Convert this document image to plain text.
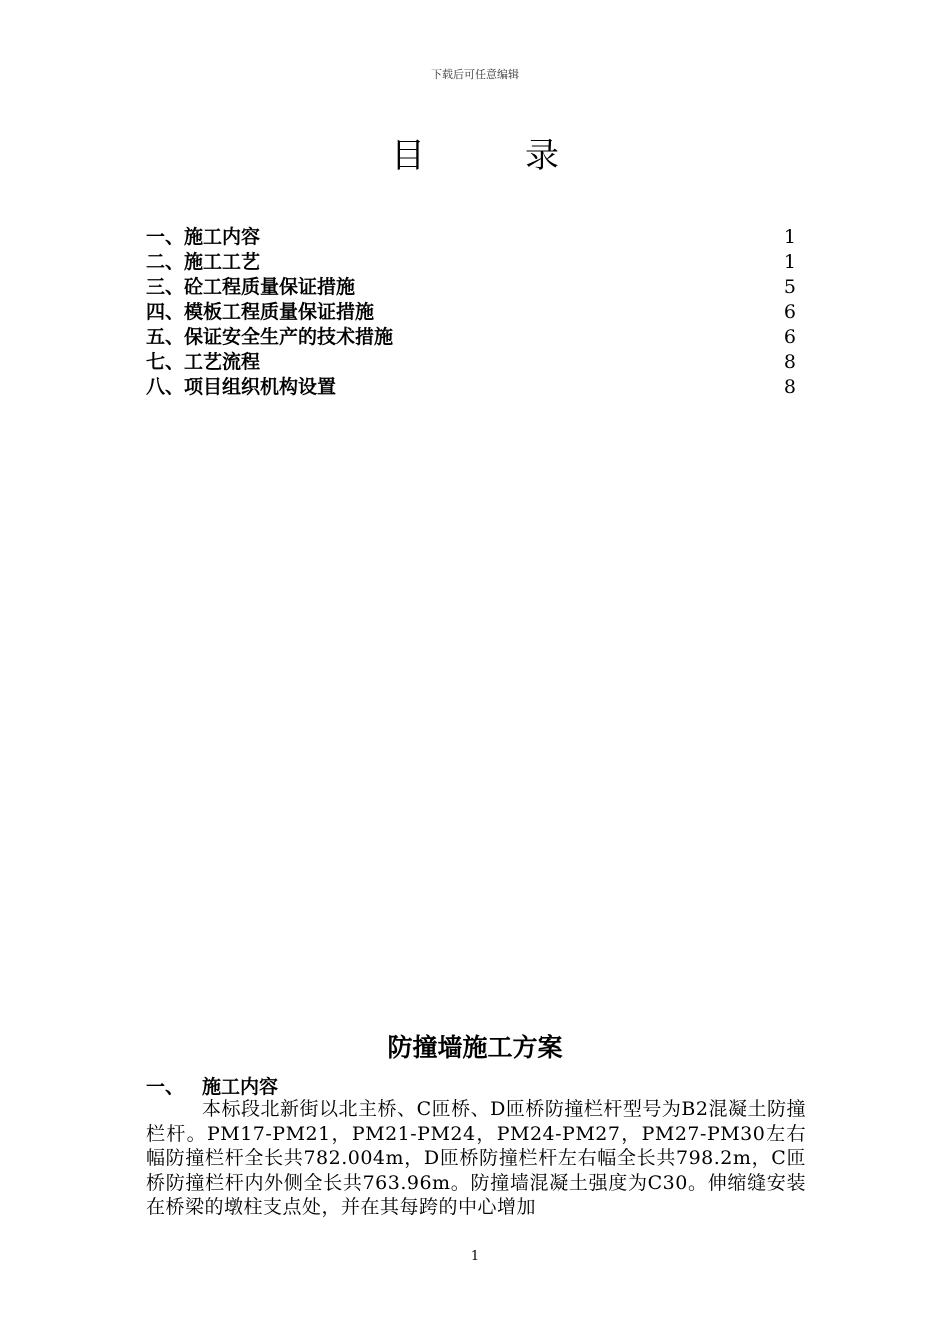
下载后可任意编辑
目	录
一、施工内容	1
二、施工工艺	1
三、砼工程质量保证措施	5
四、模板工程质量保证措施	6
五、保证安全生产的技术措施	6
七、工艺流程	8
八、项目组织机构设置	8
防撞墙施工方案
一、 施工内容

本标段北新街以北主桥、C匝桥、D匝桥防撞栏杆型号为B2混凝土防撞栏杆。PM17-PM21，PM21-PM24，PM24-PM27，PM27-PM30左右幅防撞栏杆全长共782.004m，D匝桥防撞栏杆左右幅全长共798.2m，C匝桥防撞栏杆内外侧全长共763.96m。防撞墙混凝土强度为C30。伸缩缝安装在桥梁的墩柱支点处，并在其每跨的中心增加

1
